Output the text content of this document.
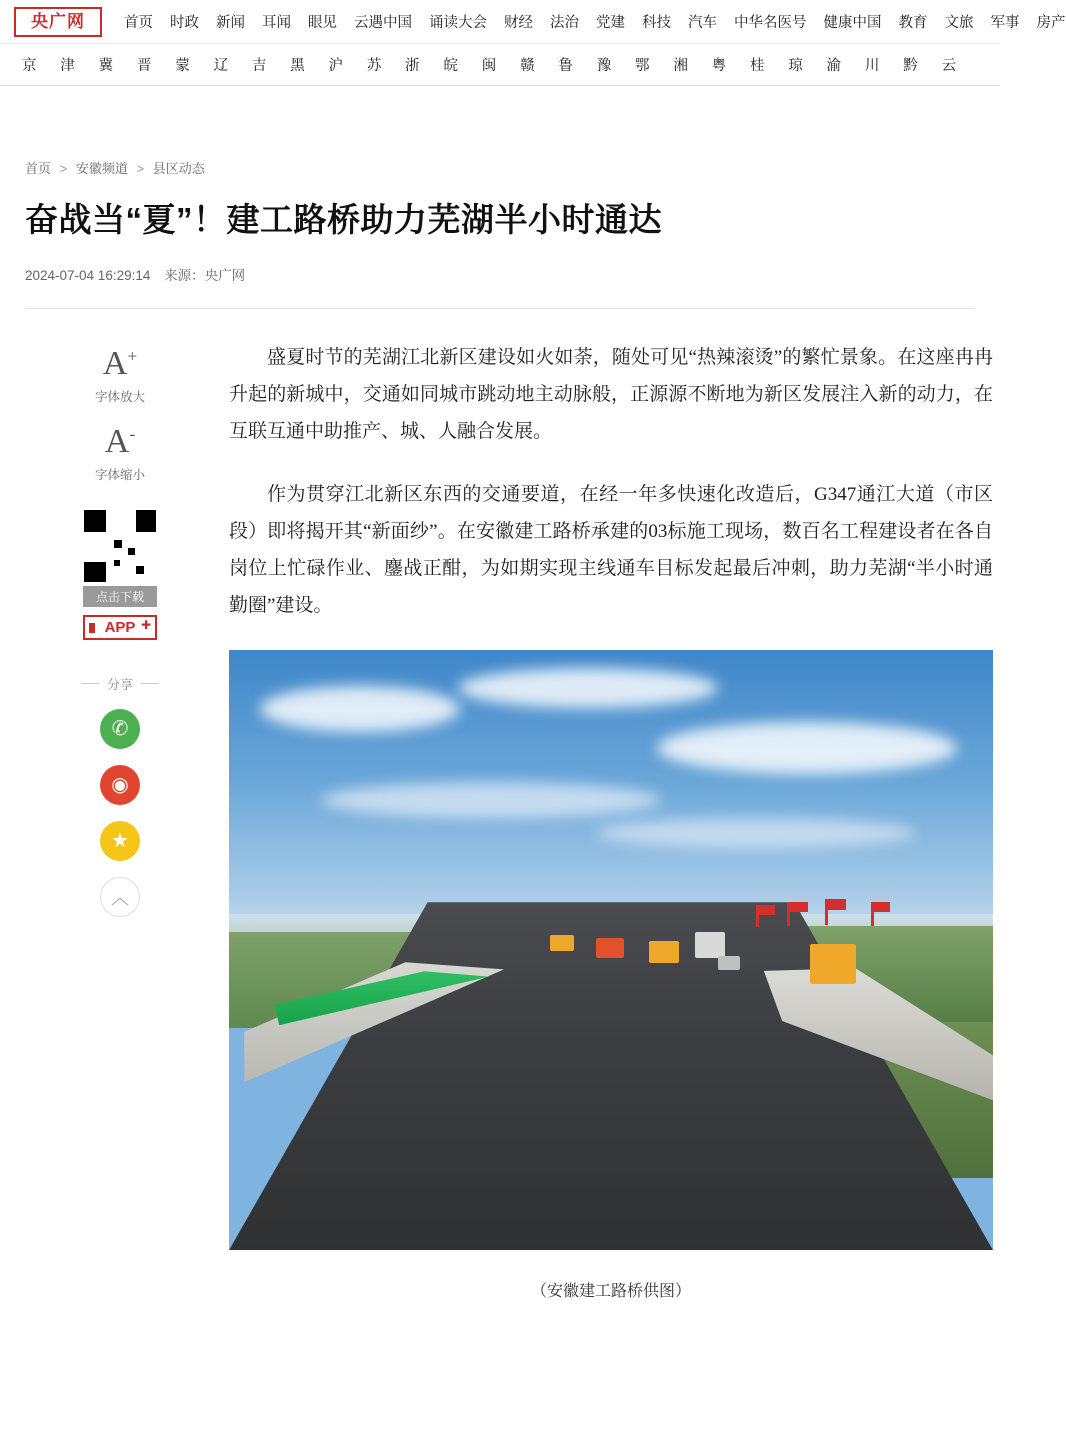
央广网	首页 时政 新闻 耳闻 眼见 云遇中国 诵读大会 财经 法治 党建 科技 汽车 中华名医号 健康中国 教育 文旅 军事 房产
京 津 冀 晋 蒙 辽 吉 黑 沪 苏 浙 皖 闽 赣 鲁 豫 鄂 湘 粤 桂 琼 渝 川 黔 云
首页 > 安徽频道 > 县区动态
奋战当“夏”！建工路桥助力芜湖半小时通达
2024-07-04 16:29:14 来源：央广网
A+
字体放大
A-
字体缩小
点击下载
APP ✚
分享
✆
◉
★
︿

盛夏时节的芜湖江北新区建设如火如荼，随处可见“热辣滚烫”的繁忙景象。在这座冉冉升起的新城中，交通如同城市跳动地主动脉般，正源源不断地为新区发展注入新的动力，在互联互通中助推产、城、人融合发展。

作为贯穿江北新区东西的交通要道，在经一年多快速化改造后，G347通江大道（市区段）即将揭开其“新面纱”。在安徽建工路桥承建的03标施工现场，数百名工程建设者在各自岗位上忙碌作业、鏖战正酣，为如期实现主线通车目标发起最后冲刺，助力芜湖“半小时通勤圈”建设。

（安徽建工路桥供图）
